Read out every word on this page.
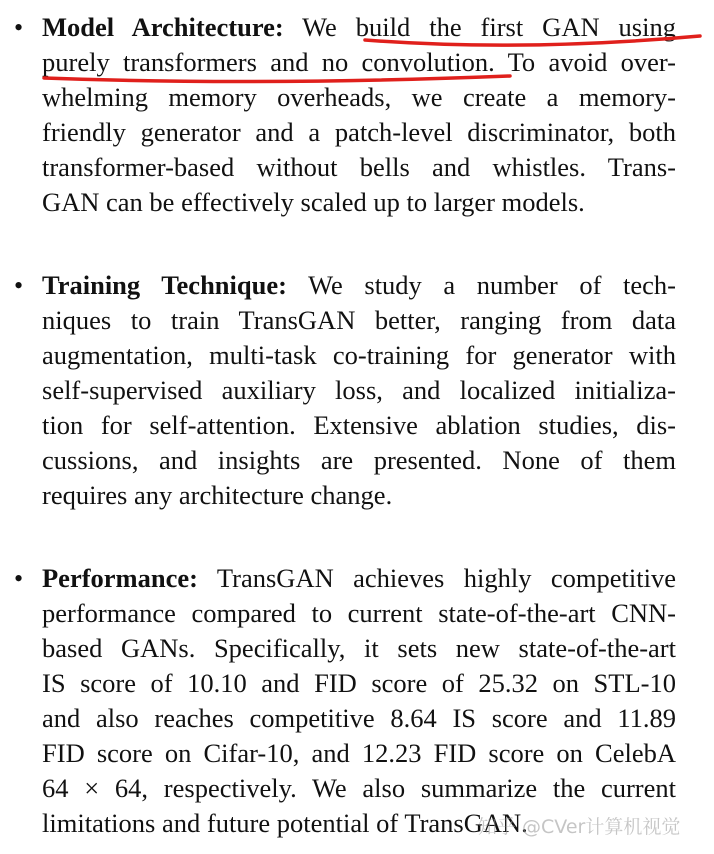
• Model Architecture: We build the first GAN using
purely transformers and no convolution. To avoid over-
whelming memory overheads, we create a memory-
friendly generator and a patch-level discriminator, both
transformer-based without bells and whistles. Trans-
GAN can be effectively scaled up to larger models.
• Training Technique: We study a number of tech-
niques to train TransGAN better, ranging from data
augmentation, multi-task co-training for generator with
self-supervised auxiliary loss, and localized initializa-
tion for self-attention. Extensive ablation studies, dis-
cussions, and insights are presented. None of them
requires any architecture change.
• Performance: TransGAN achieves highly competitive
performance compared to current state-of-the-art CNN-
based GANs. Specifically, it sets new state-of-the-art
IS score of 10.10 and FID score of 25.32 on STL-10
and also reaches competitive 8.64 IS score and 11.89
FID score on Cifar-10, and 12.23 FID score on CelebA
64 × 64, respectively. We also summarize the current
limitations and future potential of TransGAN.
知乎 @CVer计算机视觉
